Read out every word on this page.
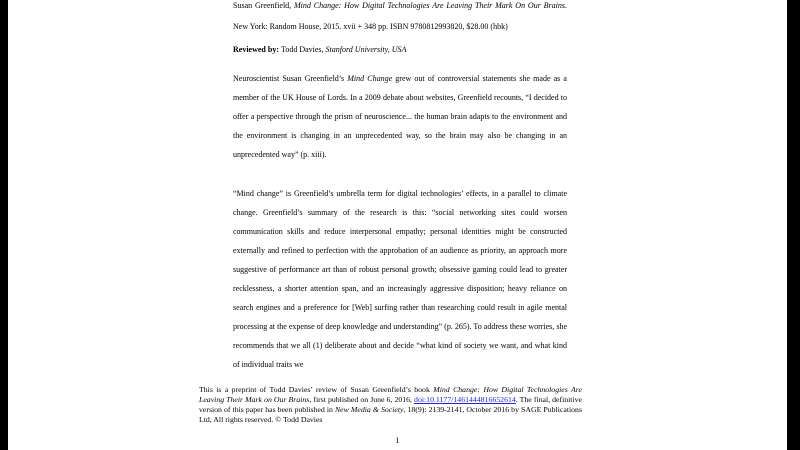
Susan Greenfield, Mind Change: How Digital Technologies Are Leaving Their Mark On Our Brains. New York: Random House, 2015. xvii + 348 pp. ISBN 9780812993820, $28.00 (hbk)

Reviewed by: Todd Davies, Stanford University, USA

Neuroscientist Susan Greenfield’s Mind Change grew out of controversial statements she made as a member of the UK House of Lords. In a 2009 debate about websites, Greenfield recounts, “I decided to offer a perspective through the prism of neuroscience... the human brain adapts to the environment and the environment is changing in an unprecedented way, so the brain may also be changing in an unprecedented way” (p. xiii).

“Mind change” is Greenfield’s umbrella term for digital technologies’ effects, in a parallel to climate change. Greenfield’s summary of the research is this: “social networking sites could worsen communication skills and reduce interpersonal empathy; personal identities might be constructed externally and refined to perfection with the approbation of an audience as priority, an approach more suggestive of performance art than of robust personal growth; obsessive gaming could lead to greater recklessness, a shorter attention span, and an increasingly aggressive disposition; heavy reliance on search engines and a preference for [Web] surfing rather than researching could result in agile mental processing at the expense of deep knowledge and understanding” (p. 265). To address these worries, she recommends that we all (1) deliberate about and decide “what kind of society we want, and what kind of individual traits we

This is a preprint of Todd Davies’ review of Susan Greenfield’s book Mind Change: How Digital Technologies Are Leaving Their Mark on Our Brains, first published on June 6, 2016, doi:10.1177/1461444816652614. The final, definitive version of this paper has been published in New Media & Society, 18(9): 2139-2141, October 2016 by SAGE Publications Ltd, All rights reserved. © Todd Davies

1
